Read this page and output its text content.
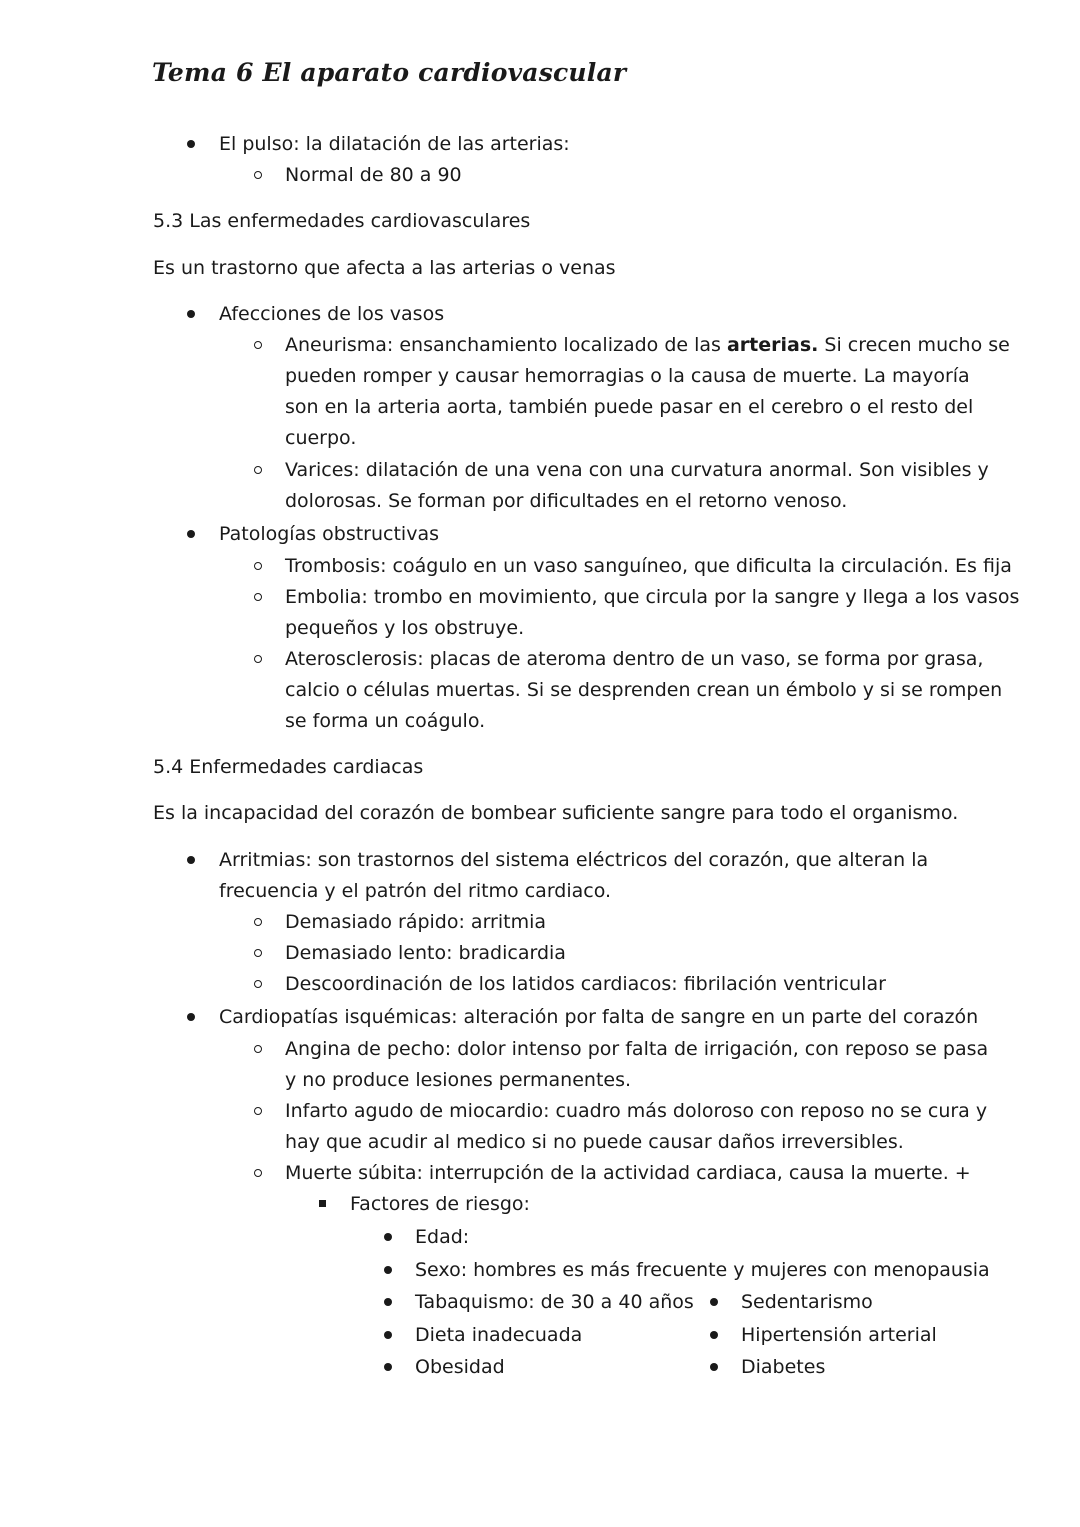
Tema 6 El aparato cardiovascular
El pulso: la dilatación de las arterias:
Normal de 80 a 90
5.3 Las enfermedades cardiovasculares
Es un trastorno que afecta a las arterias o venas
Afecciones de los vasos
Aneurisma: ensanchamiento localizado de las arterias. Si crecen mucho se
pueden romper y causar hemorragias o la causa de muerte. La mayoría
son en la arteria aorta, también puede pasar en el cerebro o el resto del
cuerpo.
Varices: dilatación de una vena con una curvatura anormal. Son visibles y
dolorosas. Se forman por dificultades en el retorno venoso.
Patologías obstructivas
Trombosis: coágulo en un vaso sanguíneo, que dificulta la circulación. Es fija
Embolia: trombo en movimiento, que circula por la sangre y llega a los vasos
pequeños y los obstruye.
Aterosclerosis: placas de ateroma dentro de un vaso, se forma por grasa,
calcio o células muertas. Si se desprenden crean un émbolo y si se rompen
se forma un coágulo.
5.4 Enfermedades cardiacas
Es la incapacidad del corazón de bombear suficiente sangre para todo el organismo.
Arritmias: son trastornos del sistema eléctricos del corazón, que alteran la
frecuencia y el patrón del ritmo cardiaco.
Demasiado rápido: arritmia
Demasiado lento: bradicardia
Descoordinación de los latidos cardiacos: fibrilación ventricular
Cardiopatías isquémicas: alteración por falta de sangre en un parte del corazón
Angina de pecho: dolor intenso por falta de irrigación, con reposo se pasa
y no produce lesiones permanentes.
Infarto agudo de miocardio: cuadro más doloroso con reposo no se cura y
hay que acudir al medico si no puede causar daños irreversibles.
Muerte súbita: interrupción de la actividad cardiaca, causa la muerte. +
Factores de riesgo:
Edad:
Sexo: hombres es más frecuente y mujeres con menopausia
Tabaquismo: de 30 a 40 años
Dieta inadecuada
Obesidad
Sedentarismo
Hipertensión arterial
Diabetes
